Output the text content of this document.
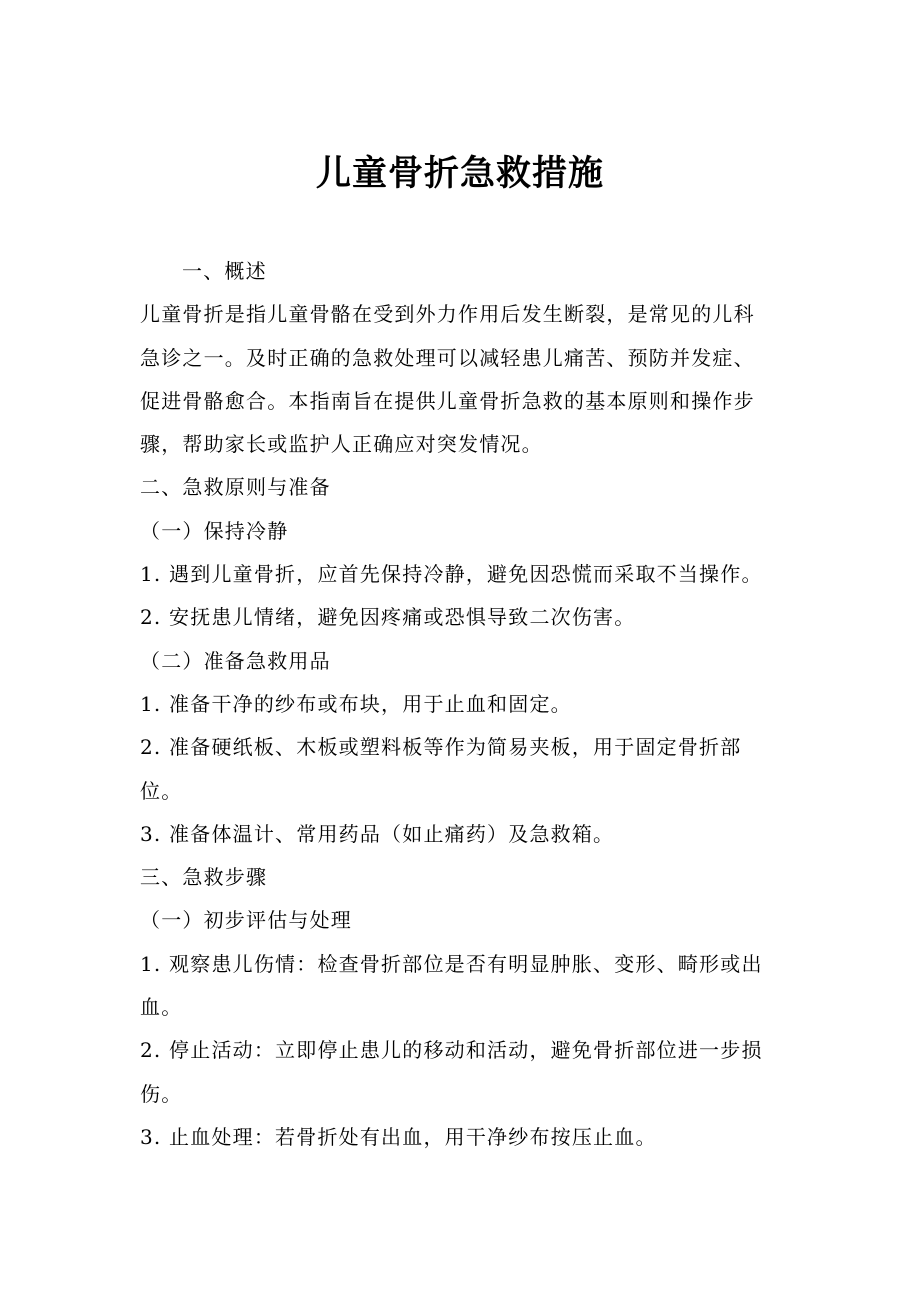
儿童骨折急救措施

一、概述

儿童骨折是指儿童骨骼在受到外力作用后发生断裂，是常见的儿科

急诊之一。及时正确的急救处理可以减轻患儿痛苦、预防并发症、

促进骨骼愈合。本指南旨在提供儿童骨折急救的基本原则和操作步

骤，帮助家长或监护人正确应对突发情况。

二、急救原则与准备

（一）保持冷静

1. 遇到儿童骨折，应首先保持冷静，避免因恐慌而采取不当操作。

2. 安抚患儿情绪，避免因疼痛或恐惧导致二次伤害。

（二）准备急救用品

1. 准备干净的纱布或布块，用于止血和固定。

2. 准备硬纸板、木板或塑料板等作为简易夹板，用于固定骨折部

位。

3. 准备体温计、常用药品（如止痛药）及急救箱。

三、急救步骤

（一）初步评估与处理

1. 观察患儿伤情：检查骨折部位是否有明显肿胀、变形、畸形或出

血。

2. 停止活动：立即停止患儿的移动和活动，避免骨折部位进一步损

伤。

3. 止血处理：若骨折处有出血，用干净纱布按压止血。
